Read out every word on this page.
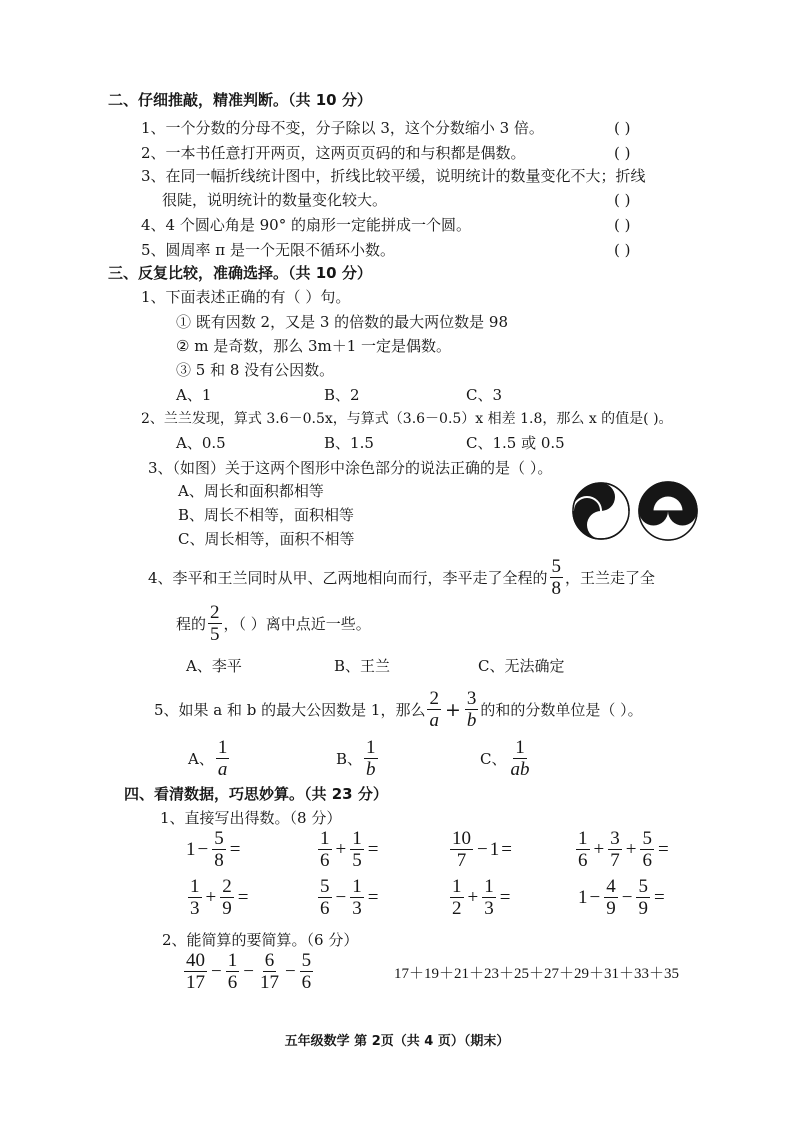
二、仔细推敲，精准判断。（共 10 分）
1、一个分数的分母不变，分子除以 3，这个分数缩小 3 倍。	( )
2、一本书任意打开两页，这两页页码的和与积都是偶数。	( )
3、在同一幅折线统计图中，折线比较平缓，说明统计的数量变化不大；折线
很陡，说明统计的数量变化较大。	( )
4、4 个圆心角是 90° 的扇形一定能拼成一个圆。	( )
5、圆周率 π 是一个无限不循环小数。	( )
三、反复比较，准确选择。（共 10 分）
1、下面表述正确的有（ ）句。
① 既有因数 2，又是 3 的倍数的最大两位数是 98
② m 是奇数，那么 3m＋1 一定是偶数。
③ 5 和 8 没有公因数。
A、1	B、2	C、3
2、兰兰发现，算式 3.6－0.5x，与算式（3.6－0.5）x 相差 1.8，那么 x 的值是( )。
A、0.5	B、1.5	C、1.5 或 0.5
3、（如图）关于这两个图形中涂色部分的说法正确的是（ ）。
A、周长和面积都相等
B、周长不相等，面积相等
C、周长相等，面积不相等
4、李平和王兰同时从甲、乙两地相向而行，李平走了全程的 $\frac{5}{8}$ ，王兰走了全
程的 $\frac{2}{5}$ ，（ ）离中点近一些。
A、李平	B、王兰	C、无法确定
5、如果 a 和 b 的最大公因数是 1，那么 $\frac{2}{a} + \frac{3}{b}$ 的和的分数单位是（ ）。
A、 $\frac{1}{a}$	B、 $\frac{1}{b}$	C、 $\frac{1}{ab}$
四、看清数据，巧思妙算。（共 23 分）
1、直接写出得数。（8 分）
$1 - \frac{5}{8}$ =	$\frac{1}{6} + \frac{1}{5}$ =	$\frac{10}{7} - 1$ =	$\frac{1}{6} + \frac{3}{7} + \frac{5}{6}$ =
$\frac{1}{3} + \frac{2}{9}$ =	$\frac{5}{6} - \frac{1}{3}$ =	$\frac{1}{2} + \frac{1}{3}$ =	$1 - \frac{4}{9} - \frac{5}{9}$ =
2、能简算的要简算。（6 分）
$\frac{40}{17} - \frac{1}{6} - \frac{6}{17} - \frac{5}{6}$	17＋19＋21＋23＋25＋27＋29＋31＋33＋35
五年级数学 第 2页（共 4 页）（期末）
